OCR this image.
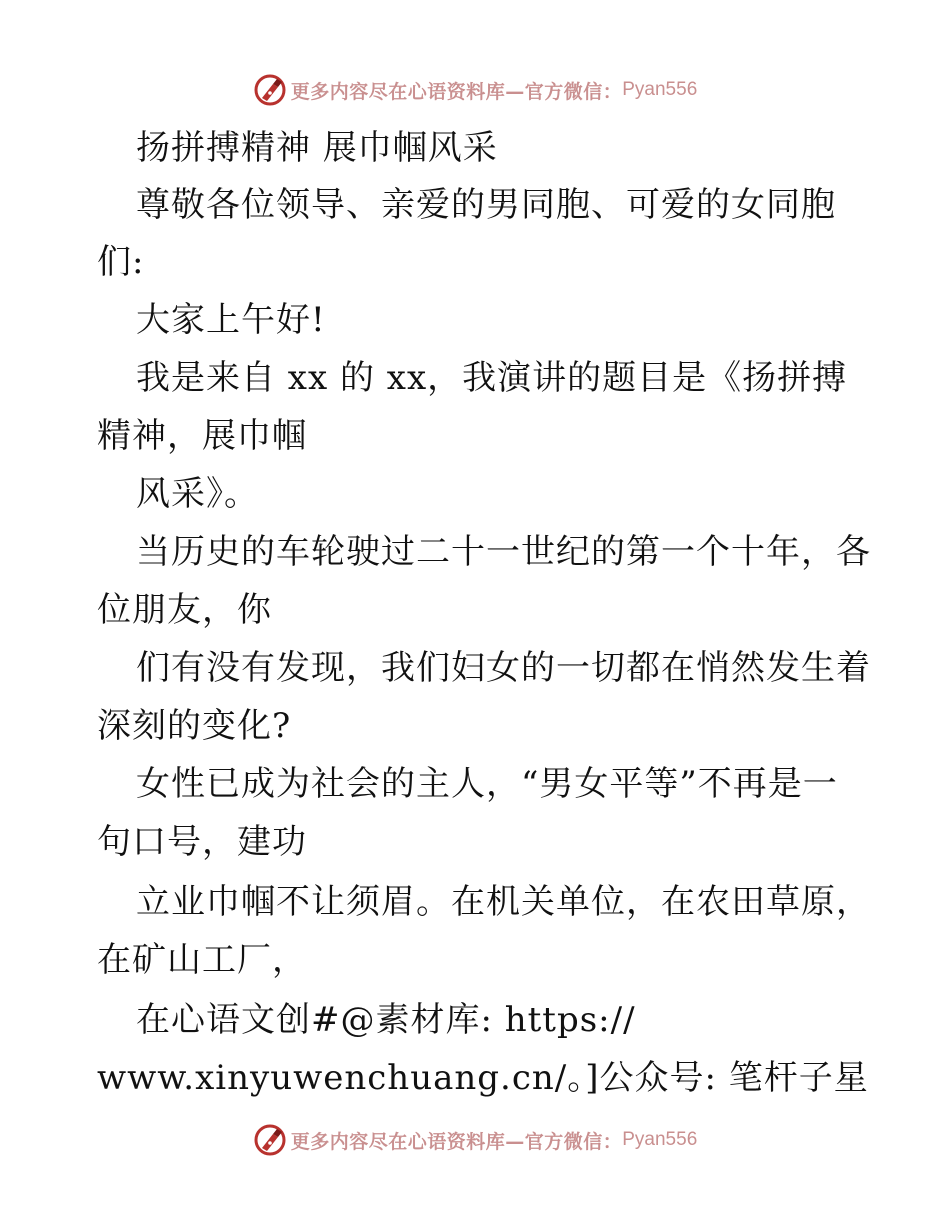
更多内容尽在心语资料库—官方微信： Pyan556
扬拼搏精神 展巾帼风采
尊敬各位领导、亲爱的男同胞、可爱的女同胞
们:
大家上午好!
我是来自 xx 的 xx，我演讲的题目是《扬拼搏
精神，展巾帼
风采》。
当历史的车轮驶过二十一世纪的第一个十年，各
位朋友，你
们有没有发现，我们妇女的一切都在悄然发生着
深刻的变化?
女性已成为社会的主人，“男女平等”不再是一
句口号，建功
立业巾帼不让须眉。在机关单位，在农田草原，
在矿山工厂，
在心语文创#@素材库: https://
www.xinyuwenchuang.cn/。]公众号: 笔杆子星
更多内容尽在心语资料库—官方微信： Pyan556
